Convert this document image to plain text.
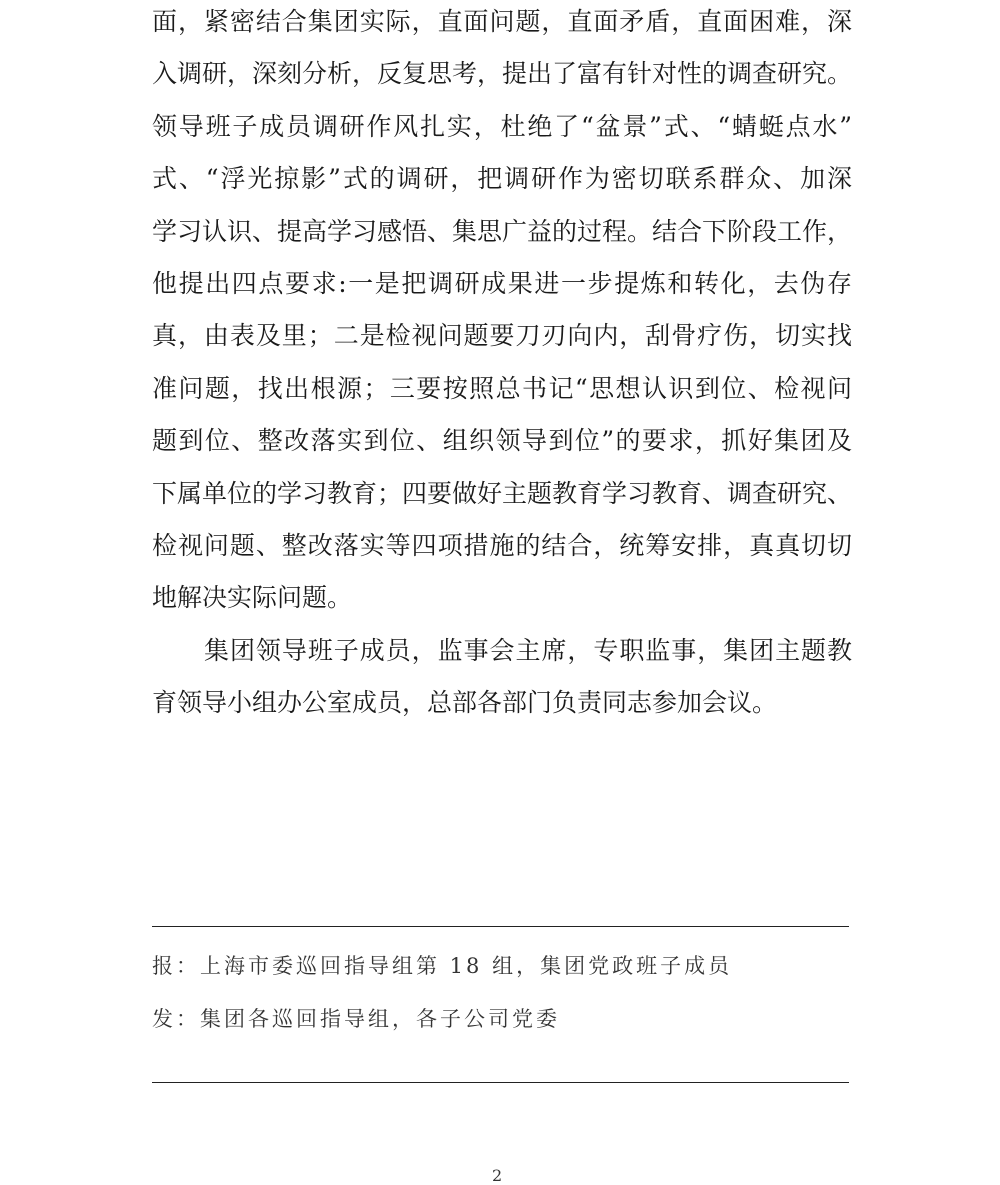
面，紧密结合集团实际，直面问题，直面矛盾，直面困难，深
入调研，深刻分析，反复思考，提出了富有针对性的调查研究。
领导班子成员调研作风扎实，杜绝了“盆景”式、“蜻蜓点水”
式、“浮光掠影”式的调研，把调研作为密切联系群众、加深
学习认识、提高学习感悟、集思广益的过程。结合下阶段工作，
他提出四点要求:一是把调研成果进一步提炼和转化，去伪存
真，由表及里；二是检视问题要刀刃向内，刮骨疗伤，切实找
准问题，找出根源；三要按照总书记“思想认识到位、检视问
题到位、整改落实到位、组织领导到位”的要求，抓好集团及
下属单位的学习教育；四要做好主题教育学习教育、调查研究、
检视问题、整改落实等四项措施的结合，统筹安排，真真切切
地解决实际问题。
集团领导班子成员，监事会主席，专职监事，集团主题教
育领导小组办公室成员，总部各部门负责同志参加会议。
报：上海市委巡回指导组第 18 组，集团党政班子成员
发：集团各巡回指导组，各子公司党委
2
